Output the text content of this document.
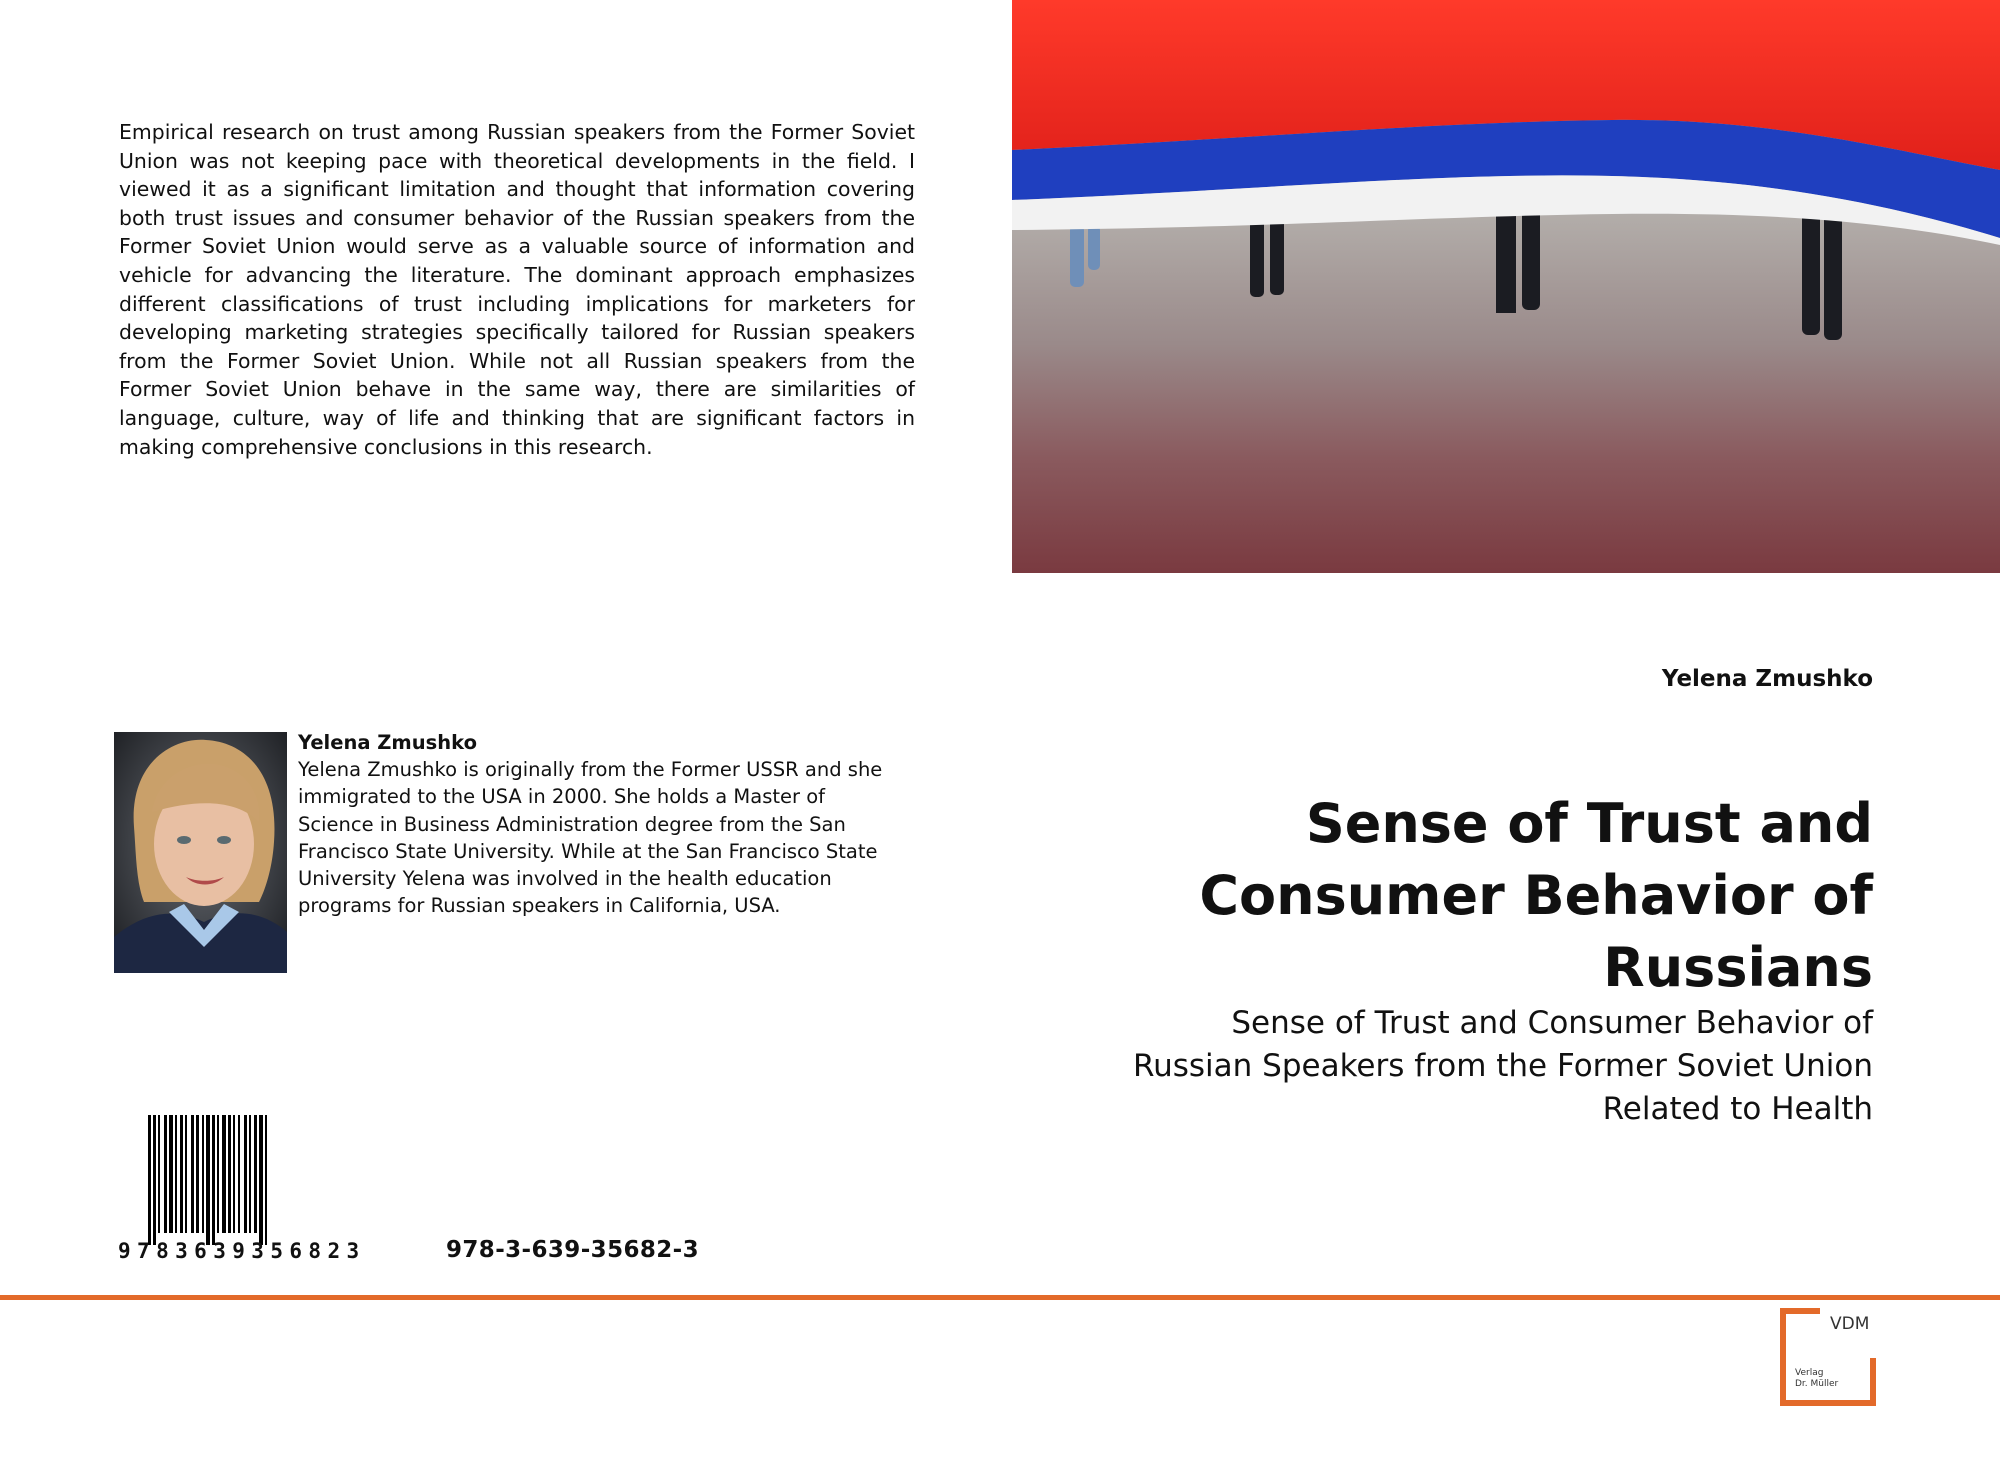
Empirical research on trust among Russian speakers from the Former Soviet Union was not keeping pace with theoretical developments in the field. I viewed it as a significant limitation and thought that information covering both trust issues and consumer behavior of the Russian speakers from the Former Soviet Union would serve as a valuable source of information and vehicle for advancing the literature. The dominant approach emphasizes different classifications of trust including implications for marketers for developing marketing strategies specifically tailored for Russian speakers from the Former Soviet Union. While not all Russian speakers from the Former Soviet Union behave in the same way, there are similarities of language, culture, way of life and thinking that are significant factors in making comprehensive conclusions in this research.

Yelena Zmushko
Sense of Trust and Consumer Behavior of Russians

Sense of Trust and Consumer Behavior of Russian Speakers from the Former Soviet Union Related to Health

Yelena Zmushko
Yelena Zmushko is originally from the Former USSR and she immigrated to the USA in 2000. She holds a Master of Science in Business Administration degree from the San Francisco State University. While at the San Francisco State University Yelena was involved in the health education programs for Russian speakers in California, USA.
9783639356823	978-3-639-35682-3
VDM
Verlag
Dr. Müller
